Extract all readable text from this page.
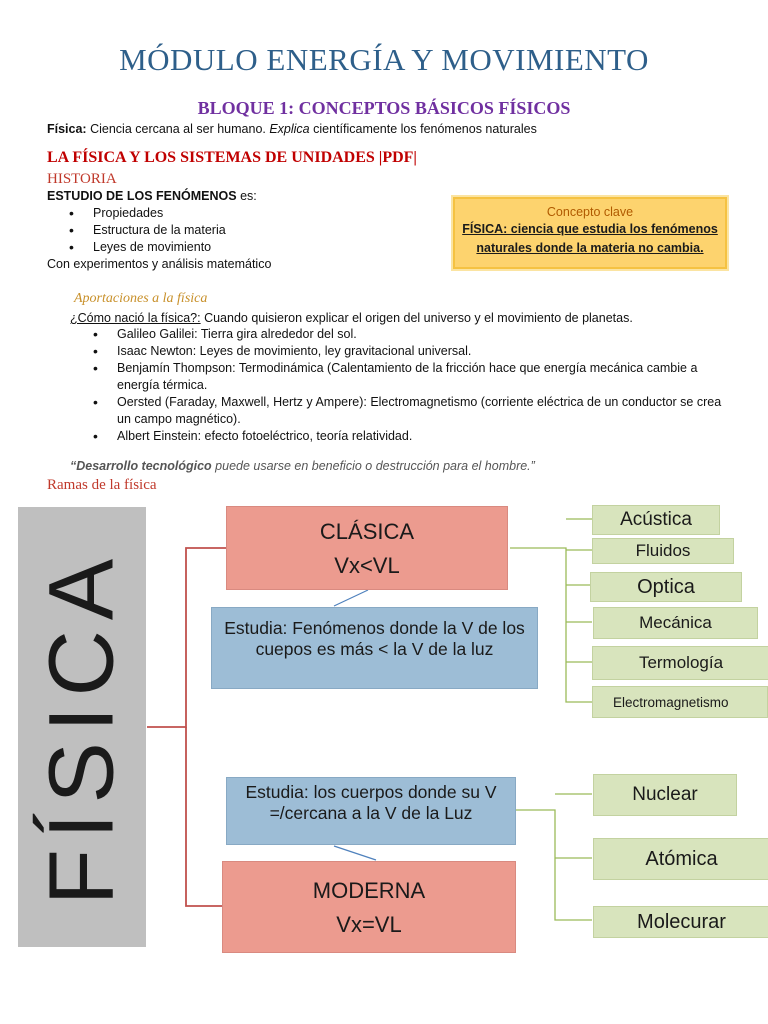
MÓDULO ENERGÍA Y MOVIMIENTO
BLOQUE 1: CONCEPTOS BÁSICOS FÍSICOS
Física: Ciencia cercana al ser humano. Explica científicamente los fenómenos naturales
LA FÍSICA Y LOS SISTEMAS DE UNIDADES |PDF|
HISTORIA
ESTUDIO DE LOS FENÓMENOS es:
• Propiedades
• Estructura de la materia
• Leyes de movimiento
Con experimentos y análisis matemático
Concepto clave
FÍSICA: ciencia que estudia los fenómenos
naturales donde la materia no cambia.
Aportaciones a la física
¿Cómo nació la física?: Cuando quisieron explicar el origen del universo y el movimiento de planetas.
• Galileo Galilei: Tierra gira alrededor del sol.
• Isaac Newton: Leyes de movimiento, ley gravitacional universal.
• Benjamín Thompson: Termodinámica (Calentamiento de la fricción hace que energía mecánica cambie a energía térmica.
• Oersted (Faraday, Maxwell, Hertz y Ampere): Electromagnetismo (corriente eléctrica de un conductor se crea un campo magnético).
• Albert Einstein: efecto fotoeléctrico, teoría relatividad.
“Desarrollo tecnológico puede usarse en beneficio o destrucción para el hombre.”
Ramas de la física
FÍSICA
CLÁSICA
Vx<VL
Estudia: Fenómenos donde la V de los cuepos es más < la V de la luz
Estudia: los cuerpos donde su V =/cercana a la V de la Luz
MODERNA
Vx=VL
Acústica
Fluidos
Optica
Mecánica
Termología
Electromagnetismo
Nuclear
Atómica
Molecurar
